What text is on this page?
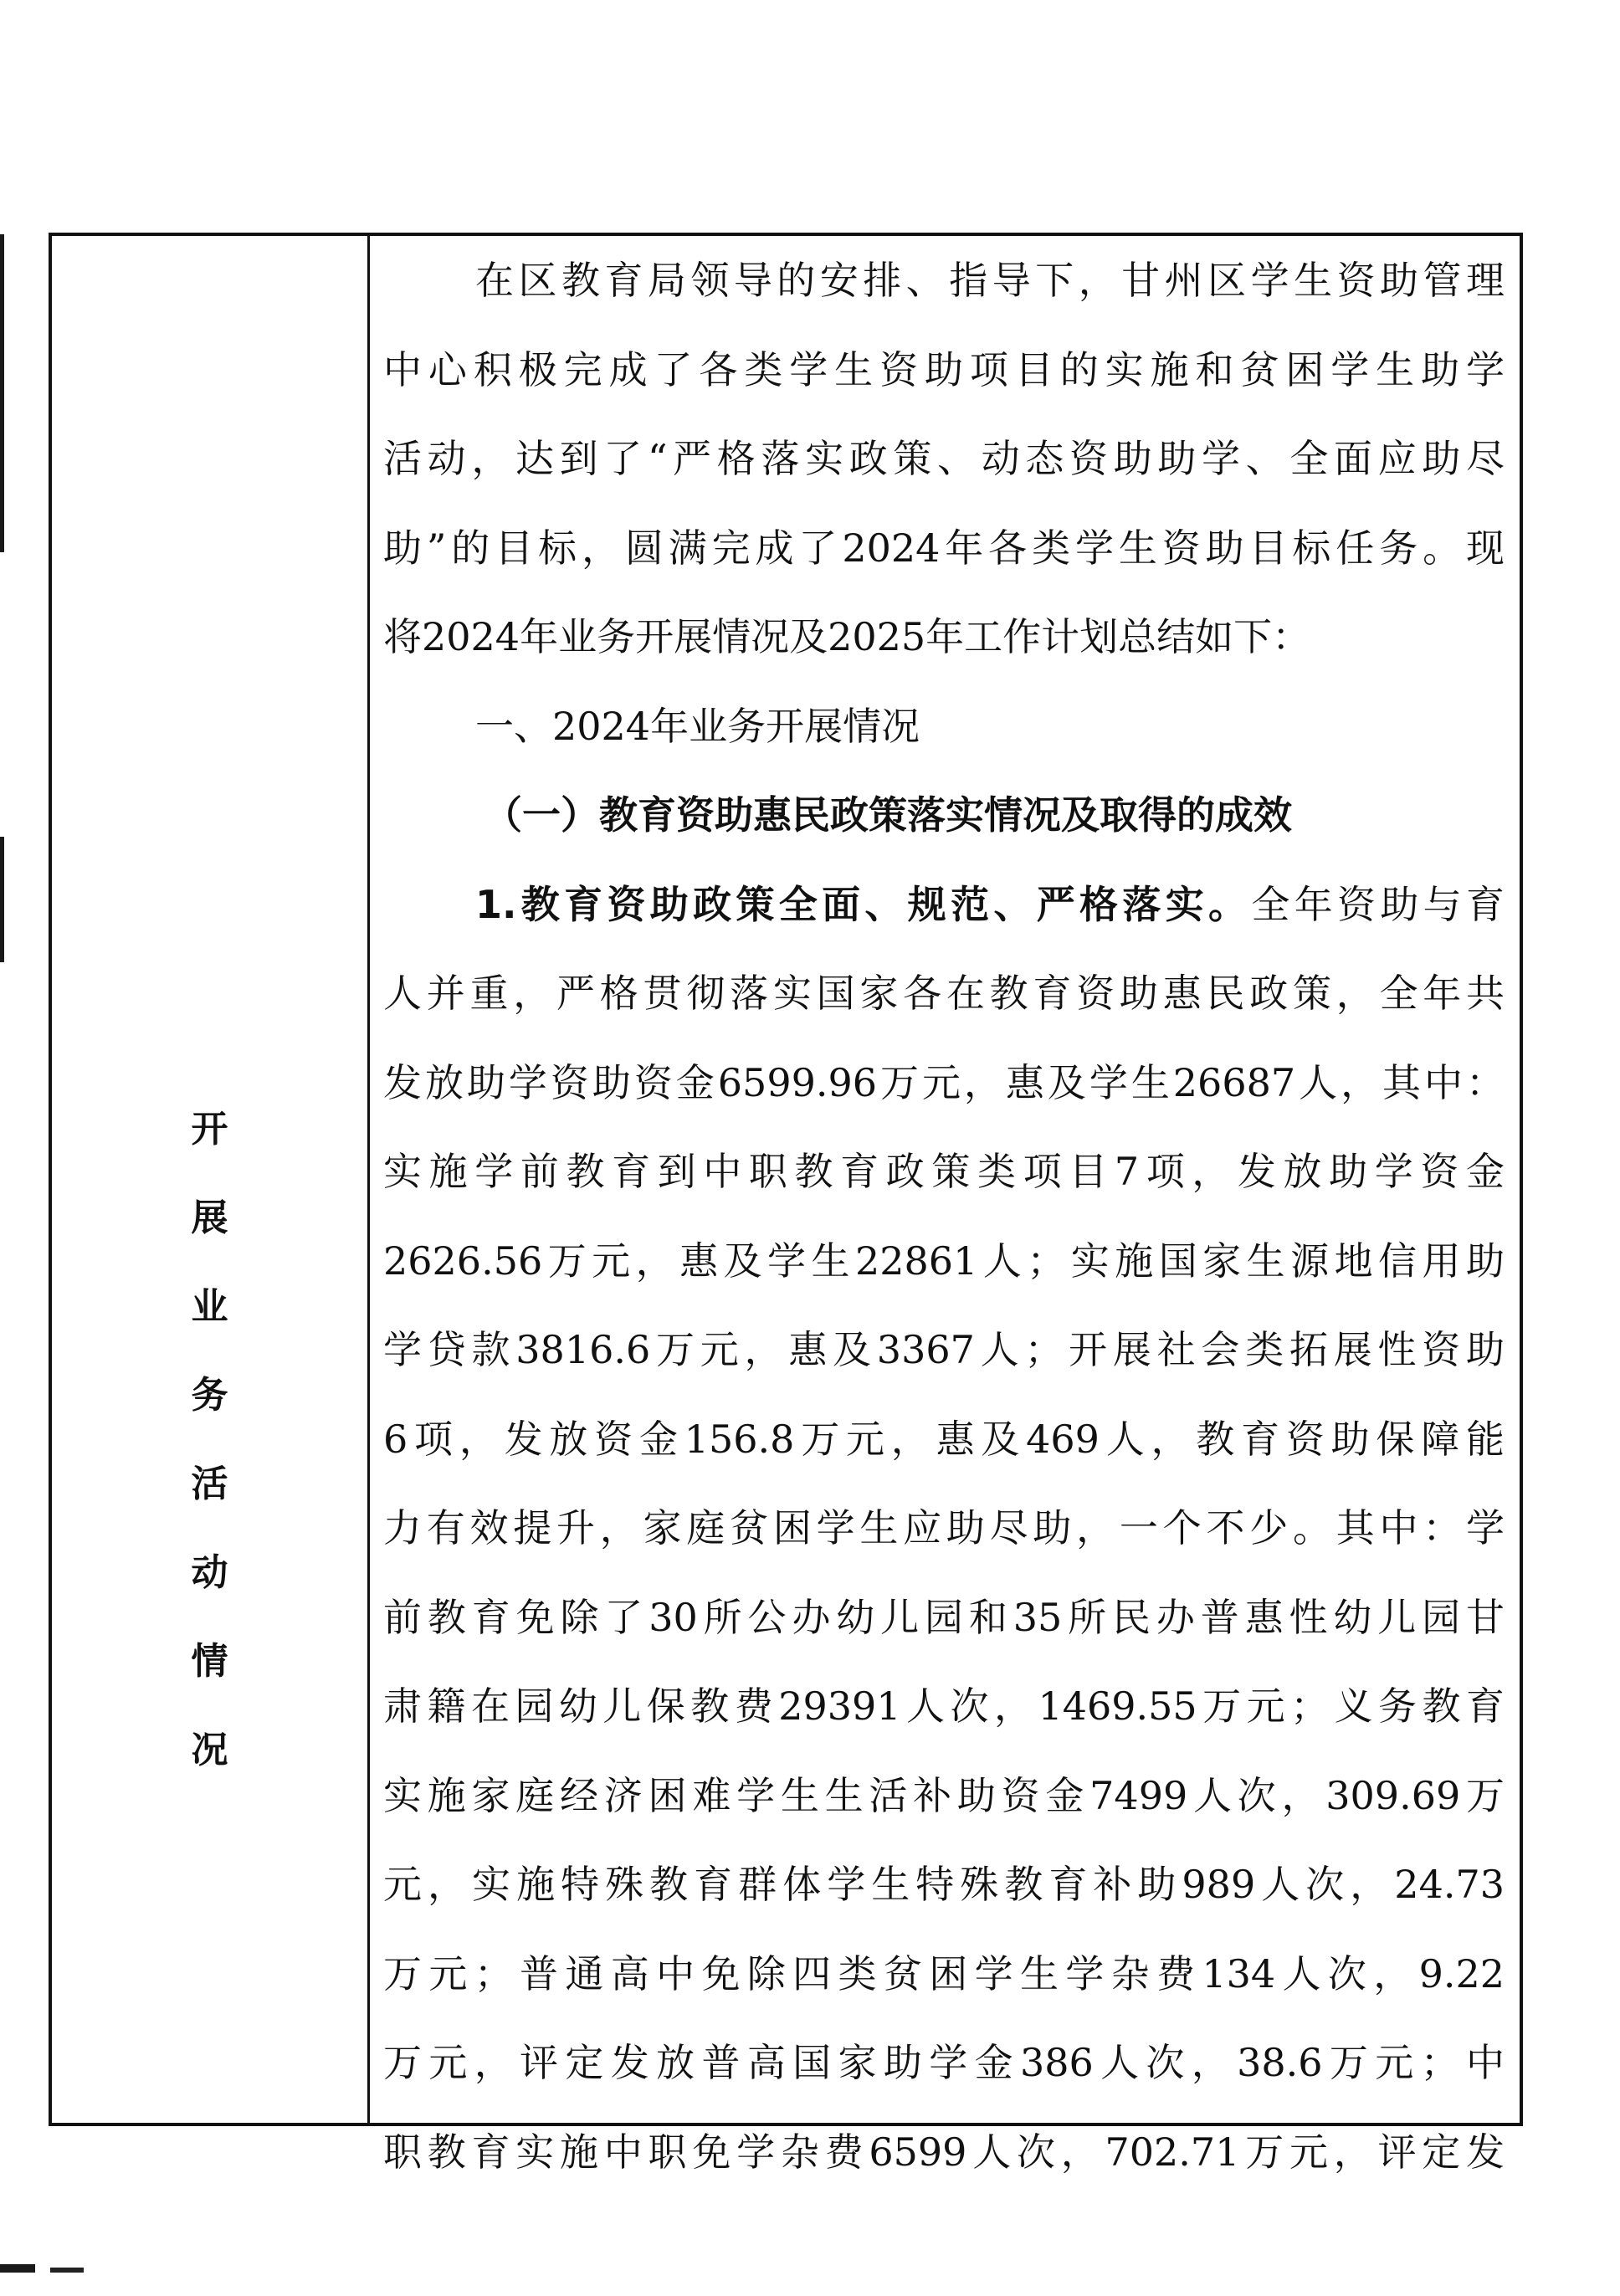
开
展
业
务
活
动
情
况
在区教育局领导的安排、指导下，甘州区学生资助管理
中心积极完成了各类学生资助项目的实施和贫困学生助学
活动，达到了“严格落实政策、动态资助助学、全面应助尽
助”的目标，圆满完成了2024年各类学生资助目标任务。现
将2024年业务开展情况及2025年工作计划总结如下：
一、2024年业务开展情况
（一）教育资助惠民政策落实情况及取得的成效
1.教育资助政策全面、规范、严格落实。全年资助与育
人并重，严格贯彻落实国家各在教育资助惠民政策，全年共
发放助学资助资金6599.96万元，惠及学生26687人，其中：
实施学前教育到中职教育政策类项目7项，发放助学资金
2626.56万元，惠及学生22861人；实施国家生源地信用助
学贷款3816.6万元，惠及3367人；开展社会类拓展性资助
6项，发放资金156.8万元，惠及469人，教育资助保障能
力有效提升，家庭贫困学生应助尽助，一个不少。其中：学
前教育免除了30所公办幼儿园和35所民办普惠性幼儿园甘
肃籍在园幼儿保教费29391人次，1469.55万元；义务教育
实施家庭经济困难学生生活补助资金7499人次，309.69万
元，实施特殊教育群体学生特殊教育补助989人次，24.73
万元；普通高中免除四类贫困学生学杂费134人次，9.22
万元，评定发放普高国家助学金386人次，38.6万元；中
职教育实施中职免学杂费6599人次，702.71万元，评定发
